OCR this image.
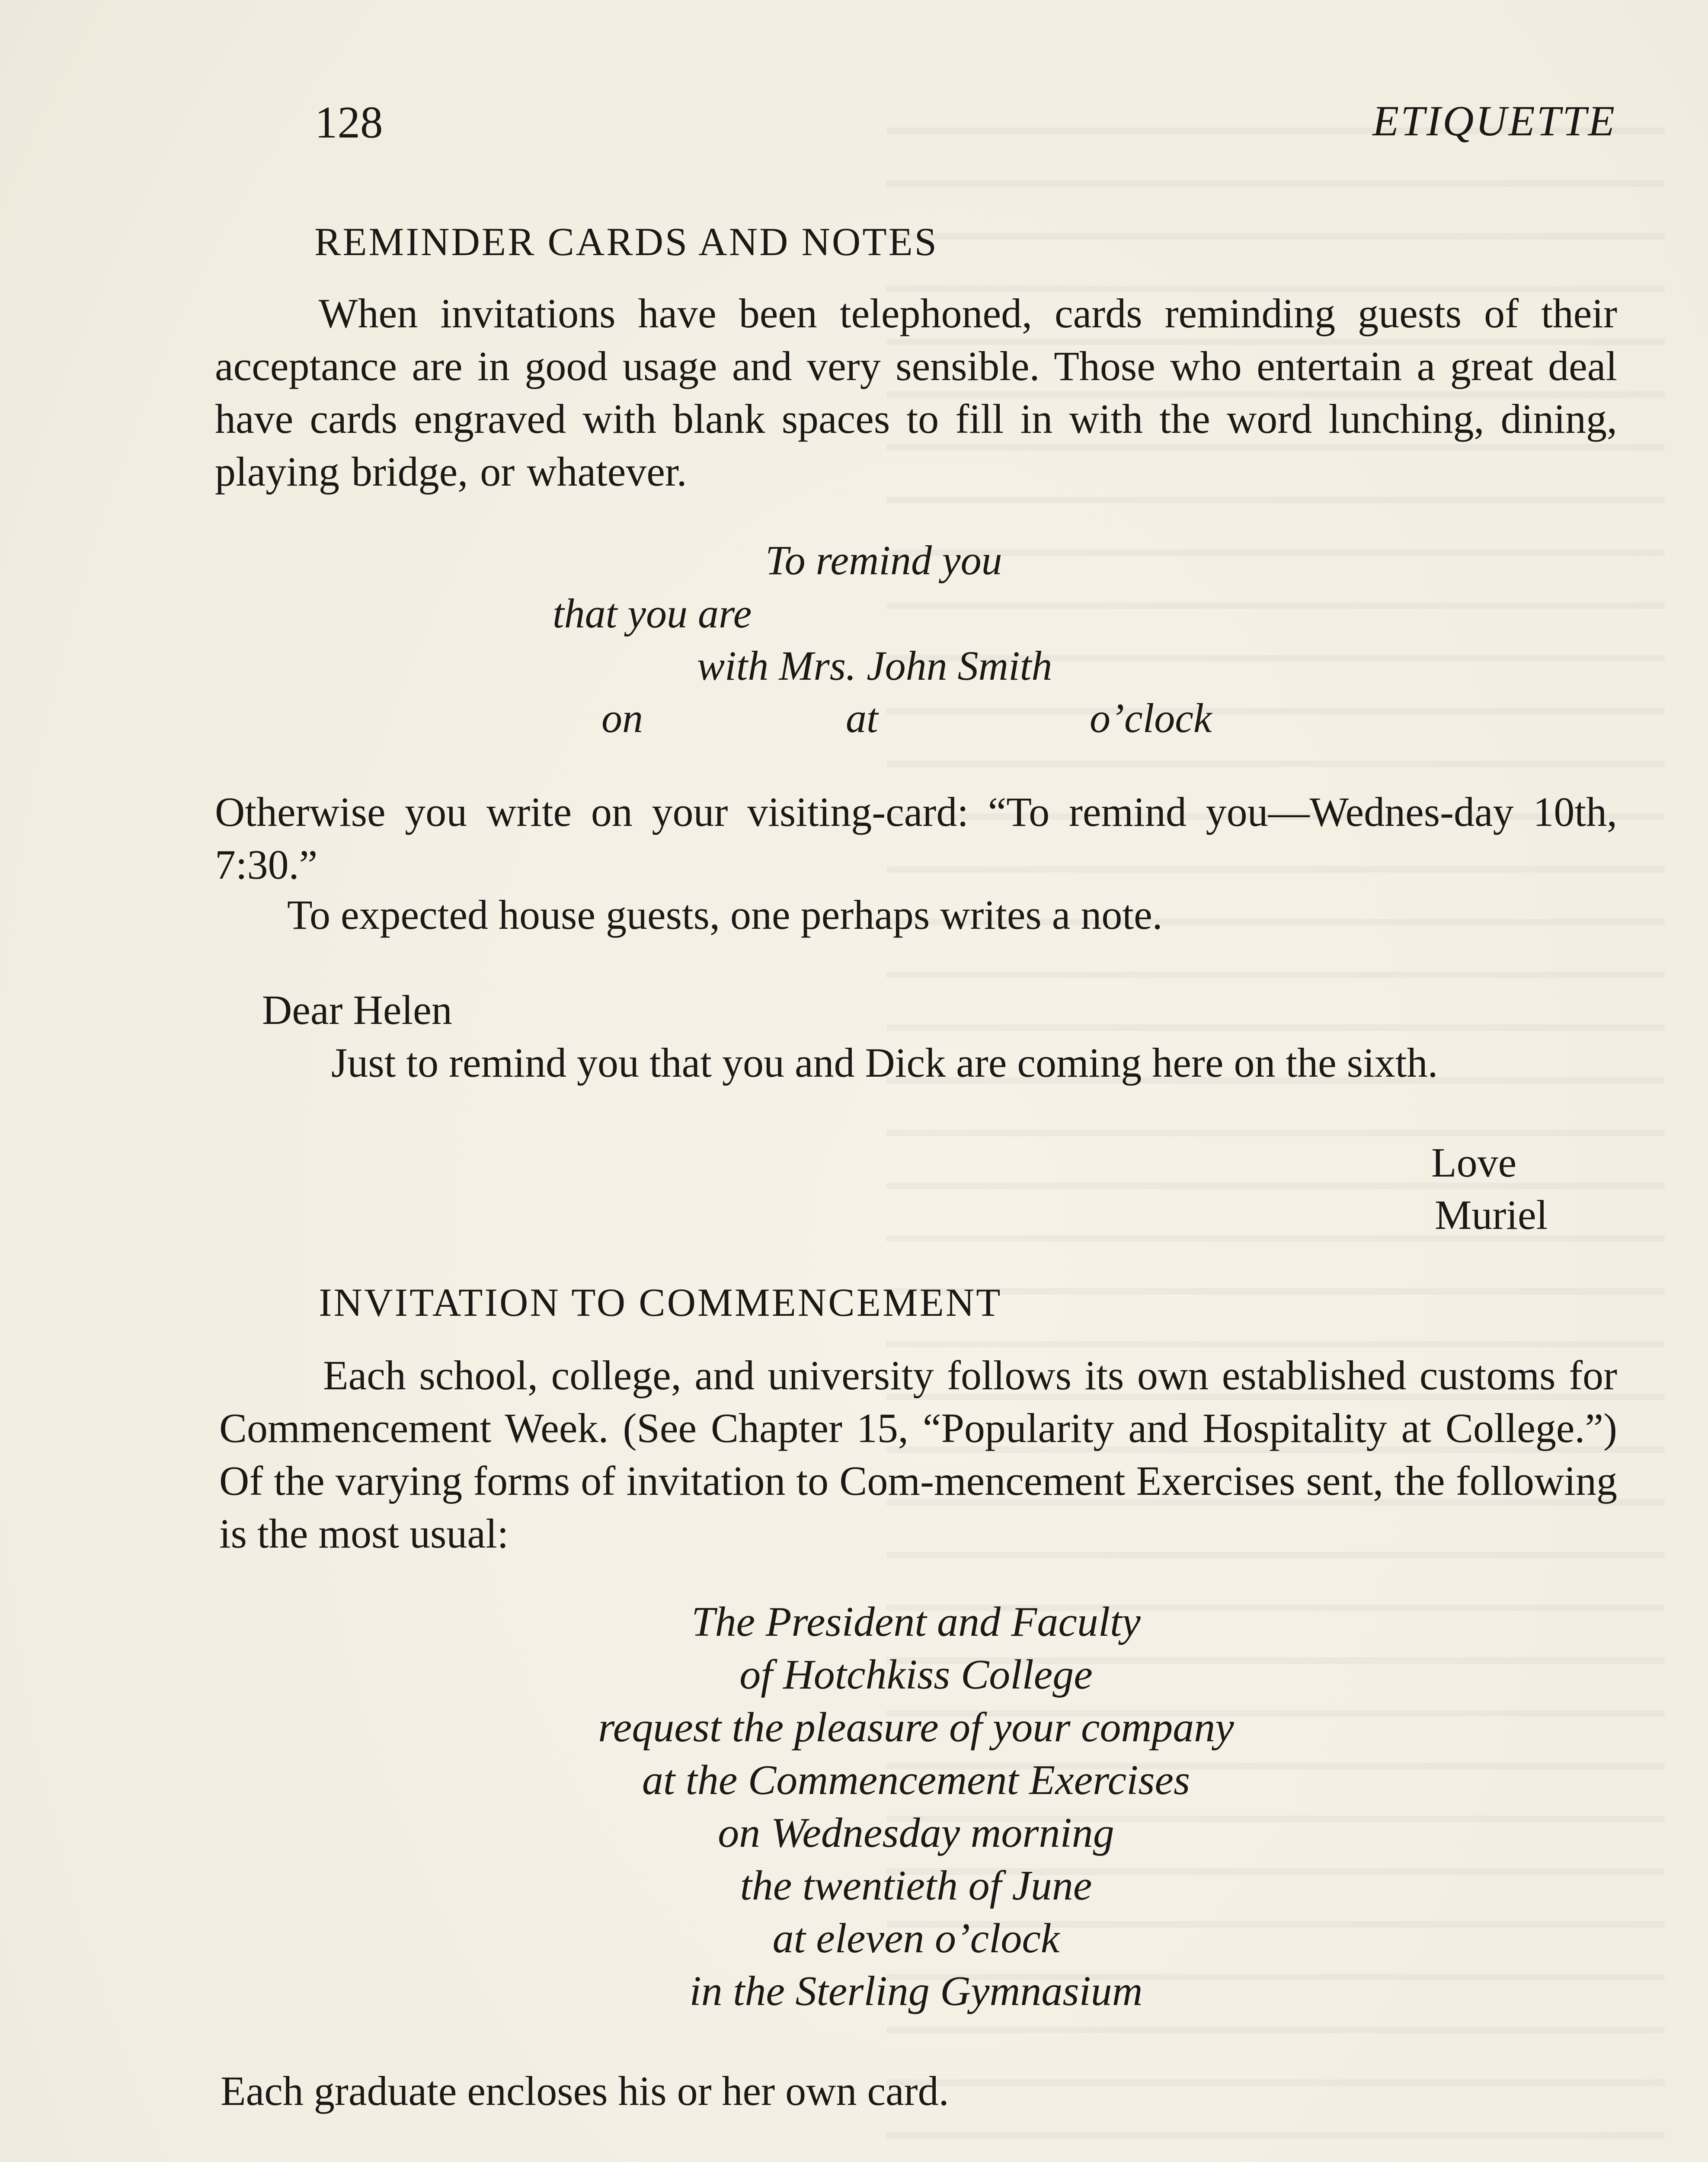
128	ETIQUETTE
REMINDER CARDS AND NOTES
When invitations have been telephoned, cards reminding guests of their acceptance are in good usage and very sensible. Those who entertain a great deal have cards engraved with blank spaces to fill in with the word lunching, dining, playing bridge, or whatever.
To remind you
that you are
with Mrs. John Smith
on	at	o’clock
Otherwise you write on your visiting-card: “To remind you—Wednes-day 10th, 7:30.”
To expected house guests, one perhaps writes a note.
Dear Helen
Just to remind you that you and Dick are coming here on the sixth.
Love
Muriel
INVITATION TO COMMENCEMENT
Each school, college, and university follows its own established customs for Commencement Week. (See Chapter 15, “Popularity and Hospitality at College.”) Of the varying forms of invitation to Com-mencement Exercises sent, the following is the most usual:
The President and Faculty
of Hotchkiss College
request the pleasure of your company
at the Commencement Exercises
on Wednesday morning
the twentieth of June
at eleven o’clock
in the Sterling Gymnasium
Each graduate encloses his or her own card.
